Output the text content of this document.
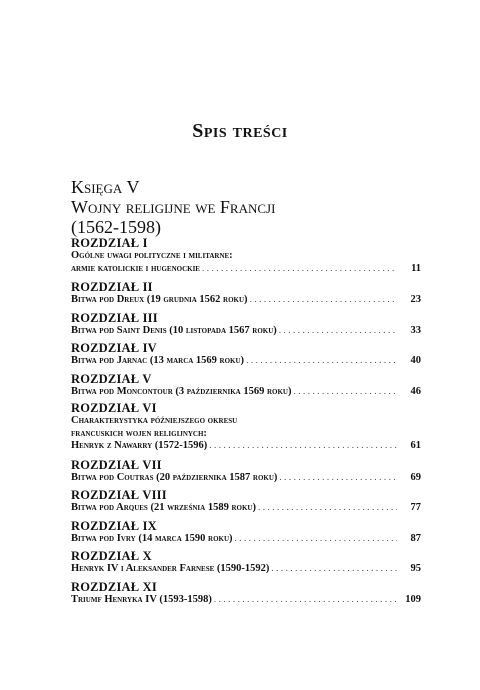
Spis treści
Księga V
Wojny religijne we Francji
(1562-1598)
ROZDZIAŁ I
Ogólne uwagi polityczne i militarne:
armie katolickie i hugenockie .....	11
ROZDZIAŁ II
Bitwa pod Dreux (19 grudnia 1562 roku) .....	23
ROZDZIAŁ III
Bitwa pod Saint Denis (10 listopada 1567 roku) .....	33
ROZDZIAŁ IV
Bitwa pod Jarnac (13 marca 1569 roku) .....	40
ROZDZIAŁ V
Bitwa pod Moncontour (3 października 1569 roku) .....	46
ROZDZIAŁ VI
Charakterystyka późniejszego okresu
francuskich wojen religijnych:
Henryk z Nawarry (1572-1596) .....	61
ROZDZIAŁ VII
Bitwa pod Coutras (20 października 1587 roku) .....	69
ROZDZIAŁ VIII
Bitwa pod Arques (21 września 1589 roku) .....	77
ROZDZIAŁ IX
Bitwa pod Ivry (14 marca 1590 roku) .....	87
ROZDZIAŁ X
Henryk IV i Aleksander Farnese (1590-1592) .....	95
ROZDZIAŁ XI
Triumf Henryka IV (1593-1598) .....	109
